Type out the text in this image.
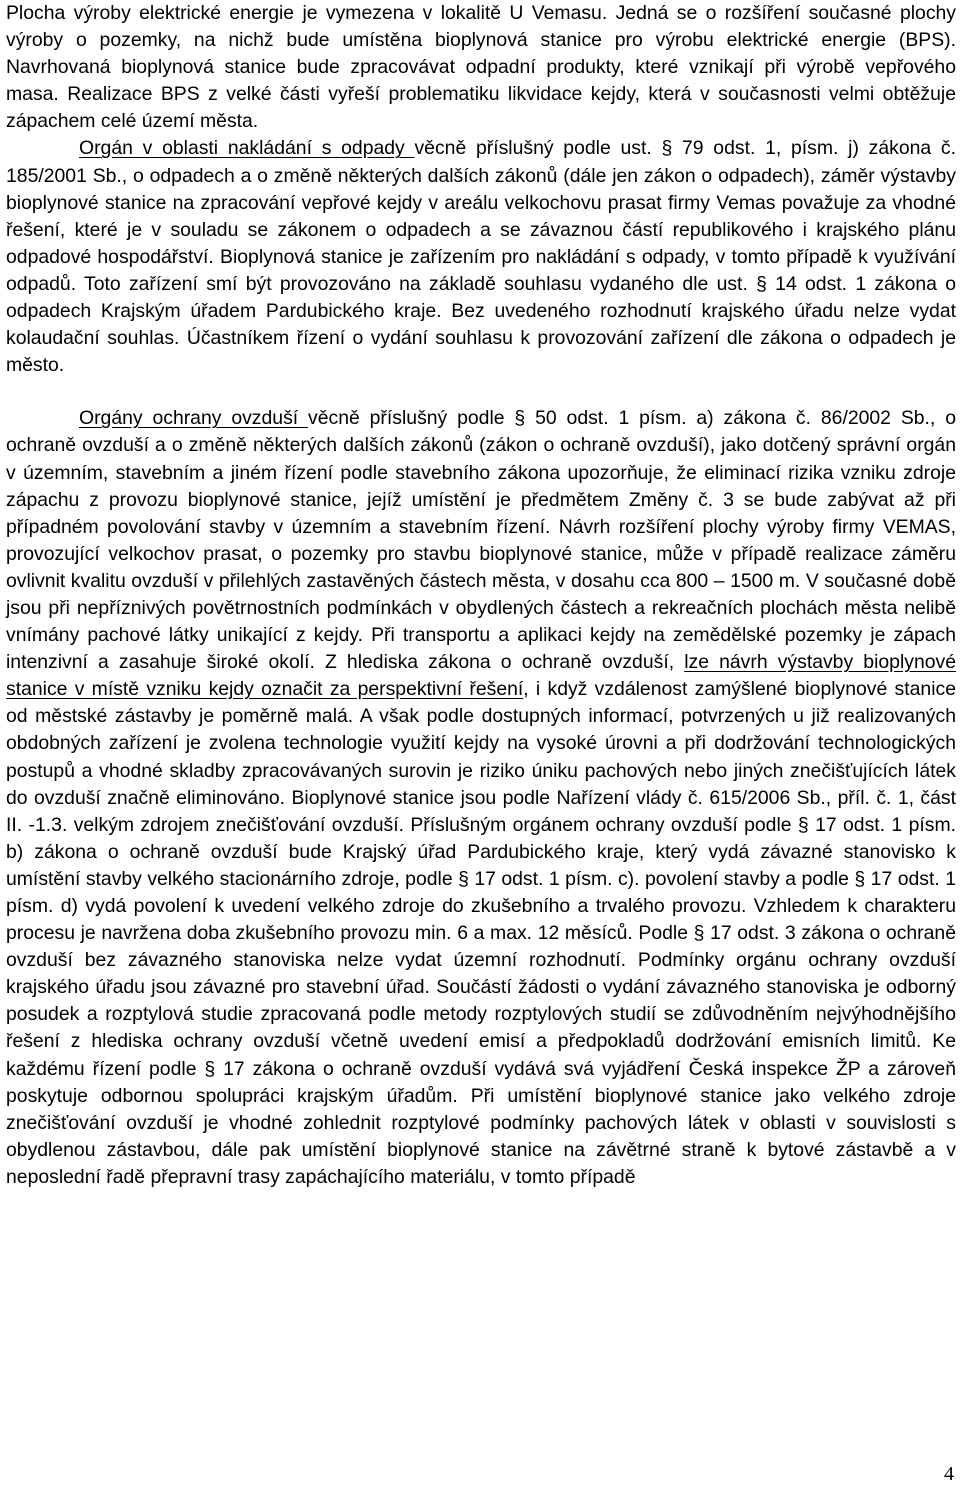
Plocha výroby elektrické energie je vymezena v lokalitě U Vemasu. Jedná se o rozšíření současné plochy výroby o pozemky, na nichž bude umístěna bioplynová stanice pro výrobu elektrické energie (BPS). Navrhovaná bioplynová stanice bude zpracovávat odpadní produkty, které vznikají při výrobě vepřového masa. Realizace BPS z velké části vyřeší problematiku likvidace kejdy, která v současnosti velmi obtěžuje zápachem celé území města.

Orgán v oblasti nakládání s odpady věcně příslušný podle ust. § 79 odst. 1, písm. j) zákona č. 185/2001 Sb., o odpadech a o změně některých dalších zákonů (dále jen zákon o odpadech), záměr výstavby bioplynové stanice na zpracování vepřové kejdy v areálu velkochovu prasat firmy Vemas považuje za vhodné řešení, které je v souladu se zákonem o odpadech a se závaznou částí republikového i krajského plánu odpadové hospodářství. Bioplynová stanice je zařízením pro nakládání s odpady, v tomto případě k využívání odpadů. Toto zařízení smí být provozováno na základě souhlasu vydaného dle ust. § 14 odst. 1 zákona o odpadech Krajským úřadem Pardubického kraje. Bez uvedeného rozhodnutí krajského úřadu nelze vydat kolaudační souhlas. Účastníkem řízení o vydání souhlasu k provozování zařízení dle zákona o odpadech je město.

Orgány ochrany ovzduší věcně příslušný podle § 50 odst. 1 písm. a) zákona č. 86/2002 Sb., o ochraně ovzduší a o změně některých dalších zákonů (zákon o ochraně ovzduší), jako dotčený správní orgán v územním, stavebním a jiném řízení podle stavebního zákona upozorňuje, že eliminací rizika vzniku zdroje zápachu z provozu bioplynové stanice, jejíž umístění je předmětem Změny č. 3 se bude zabývat až při případném povolování stavby v územním a stavebním řízení. Návrh rozšíření plochy výroby firmy VEMAS, provozující velkochov prasat, o pozemky pro stavbu bioplynové stanice, může v případě realizace záměru ovlivnit kvalitu ovzduší v přilehlých zastavěných částech města, v dosahu cca 800 – 1500 m. V současné době jsou při nepříznivých povětrnostních podmínkách v obydlených částech a rekreačních plochách města nelibě vnímány pachové látky unikající z kejdy. Při transportu a aplikaci kejdy na zemědělské pozemky je zápach intenzivní a zasahuje široké okolí. Z hlediska zákona o ochraně ovzduší, lze návrh výstavby bioplynové stanice v místě vzniku kejdy označit za perspektivní řešení, i když vzdálenost zamýšlené bioplynové stanice od městské zástavby je poměrně malá. A však podle dostupných informací, potvrzených u již realizovaných obdobných zařízení je zvolena technologie využití kejdy na vysoké úrovni a při dodržování technologických postupů a vhodné skladby zpracovávaných surovin je riziko úniku pachových nebo jiných znečišťujících látek do ovzduší značně eliminováno. Bioplynové stanice jsou podle Nařízení vlády č. 615/2006 Sb., příl. č. 1, část II. -1.3. velkým zdrojem znečišťování ovzduší. Příslušným orgánem ochrany ovzduší podle § 17 odst. 1 písm. b) zákona o ochraně ovzduší bude Krajský úřad Pardubického kraje, který vydá závazné stanovisko k umístění stavby velkého stacionárního zdroje, podle § 17 odst. 1 písm. c). povolení stavby a podle § 17 odst. 1 písm. d) vydá povolení k uvedení velkého zdroje do zkušebního a trvalého provozu. Vzhledem k charakteru procesu je navržena doba zkušebního provozu min. 6 a max. 12 měsíců. Podle § 17 odst. 3 zákona o ochraně ovzduší bez závazného stanoviska nelze vydat územní rozhodnutí. Podmínky orgánu ochrany ovzduší krajského úřadu jsou závazné pro stavební úřad. Součástí žádosti o vydání závazného stanoviska je odborný posudek a rozptylová studie zpracovaná podle metody rozptylových studií se zdůvodněním nejvýhodnějšího řešení z hlediska ochrany ovzduší včetně uvedení emisí a předpokladů dodržování emisních limitů. Ke každému řízení podle § 17 zákona o ochraně ovzduší vydává svá vyjádření Česká inspekce ŽP a zároveň poskytuje odbornou spolupráci krajským úřadům. Při umístění bioplynové stanice jako velkého zdroje znečišťování ovzduší je vhodné zohlednit rozptylové podmínky pachových látek v oblasti v souvislosti s obydlenou zástavbou, dále pak umístění bioplynové stanice na závětrné straně k bytové zástavbě a v neposlední řadě přepravní trasy zapáchajícího materiálu, v tomto případě

4
